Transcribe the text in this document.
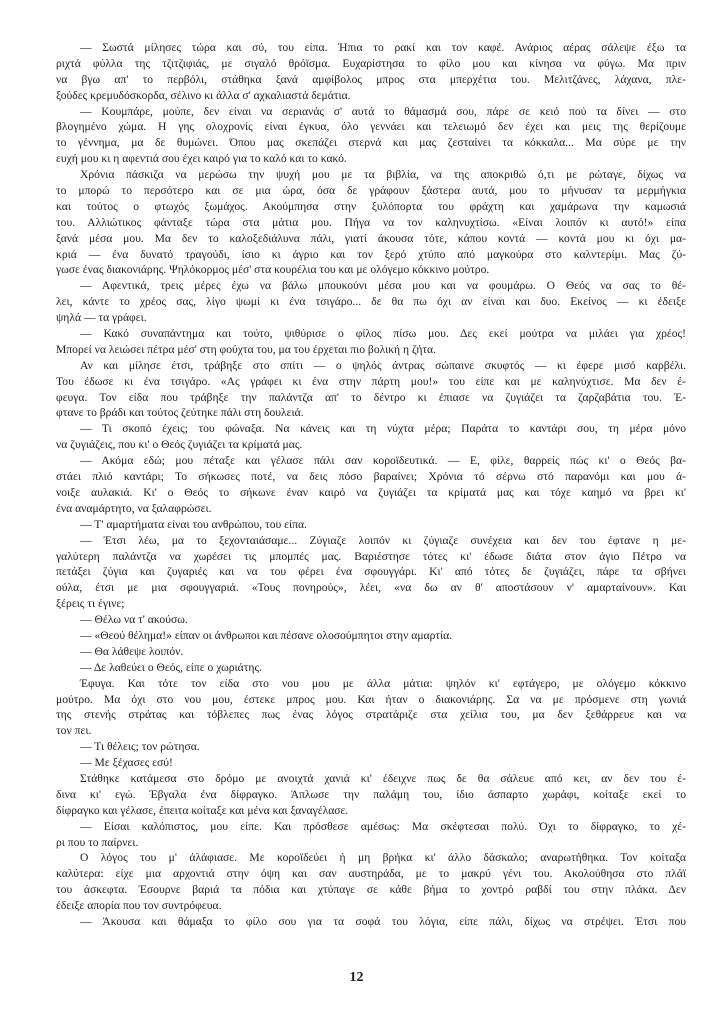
— Σωστά μίλησες τώρα και σύ, του είπα. Ήπια το ρακί και τον καφέ. Ανάριος αέρας σάλεψε έξω τα
ριχτά φύλλα της τζιτζιφιάς, με σιγαλό θρόϊσμα. Ευχαρίστησα το φίλο μου και κίνησα να φύγω. Μα πριν
να βγω απ' το περβόλι, στάθηκα ξανά αμφίβολος μπρος στα μπερχέτια του. Μελιτζάνες, λάχανα, πλε-
ξούδες κρεμυδόσκορδα, σέλινο κι άλλα σ' αχκαλιαστά δεμάτια.
— Κουμπάρε, μούπε, δεν είναι να σεριανάς σ' αυτά το θάμασμά σου, πάρε σε κειό πού τα δίνει — στο
βλογημένο χώμα. Η γης ολοχρονίς είναι έγκυα, όλο γεννάει και τελειωμό δεν έχει και μεις της θερίζουμε
το γέννημα, μα δε θυμώνει. Όπου μας σκεπάζει στερνά και μας ζεσταίνει τα κόκκαλα... Μα σύρε με την
ευχή μου κι η αφεντιά σου έχει καιρό για το καλό και το κακό.
Χρόνια πάσκιζα να μερώσω την ψυχή μου με τα βιβλία, να της αποκριθώ ό,τι με ρώταγε, δίχως να
το μπορώ το περσότερο και σε μια ώρα, όσα δε γράφουν ξάστερα αυτά, μου το μήνυσαν τα μερμήγκια
και τούτος ο φτωχός ξωμάχος. Ακούμπησα στην ξυλόπορτα του φράχτη και χαμάρωνα την καμωσιά
του. Αλλιώτικος φάνταξε τώρα στα μάτια μου. Πήγα να τον καληνυχτίσω. «Είναι λοιπόν κι αυτό!» είπα
ξανά μέσα μου. Μα δεν το καλοξεδιάλυνα πάλι, γιατί άκουσα τότε, κάπου κοντά — κοντά μου κι όχι μα-
κριά — ένα δυνατό τραγούδι, ίσιο κι άγριο και τον ξερό χτύπο από μαγκούρα στο καλντερίμι. Μας ζύ-
γωσε ένας διακονιάρης. Ψηλόκορμος μέσ' στα κουρέλια του και με ολόγεμο κόκκινο μούτρο.
— Αφεντικά, τρεις μέρες έχω να βάλω μπουκούνι μέσα μου και να φουμάρω. Ο Θεός να σας το θέ-
λει, κάντε το χρέος σας, λίγο ψωμί κι ένα τσιγάρο... δε θα πω όχι αν είναι και δυο. Εκείνος — κι έδειξε
ψηλά — τα γράφει.
— Κακό συναπάντημα και τούτο, ψιθύρισε ο φίλος πίσω μου. Δες εκεί μούτρα να μιλάει για χρέος!
Μπορεί να λειώσει πέτρα μέσ' στη φούχτα του, μα του έρχεται πιο βολική η ζήτα.
Αν και μίλησε έτσι, τράβηξε στο σπίτι — ο ψηλός άντρας σώπαινε σκυφτός — κι έφερε μισό καρβέλι.
Του έδωσε κι ένα τσιγάρο. «Ας γράφει κι ένα στην πάρτη μου!» του είπε και με καληνύχτισε. Μα δεν έ-
φευγα. Τον είδα που τράβηξε την παλάντζα απ' το δέντρο κι έπιασε να ζυγιάζει τα ζαρζαβάτια του. Έ-
φτανε το βράδι και τούτος ζεύτηκε πάλι στη δουλειά.
— Τι σκοπό έχεις; του φώναξα. Να κάνεις και τη νύχτα μέρα; Παράτα το καντάρι σου, τη μέρα μόνο
να ζυγιάζεις, που κι' ο Θεός ζυγιάζει τα κρίματά μας.
— Ακόμα εδώ; μου πέταξε και γέλασε πάλι σαν κοροϊδευτικά. — Ε, φίλε, θαρρείς πώς κι' ο Θεός βα-
στάει πλιό καντάρι; Το σήκωσες ποτέ, να δεις πόσο βαραίνει; Χρόνια τό σέρνω στό παρανόμι και μου ά-
νοιξε αυλακιά. Κι' ο Θεός το σήκωνε έναν καιρό να ζυγιάζει τα κρίματά μας και τόχε καημό να βρει κι'
ένα αναμάρτητο, να ξαλαφρώσει.
— Τ' αμαρτήματα είναι του ανθρώπου, του είπα.
— Έτσι λέω, μα το ξεχονταιάσαμε... Ζύγιαζε λοιπόν κι ζύγιαζε συνέχεια και δεν του έφτανε η με-
γαλύτερη παλάντζα να χωρέσει τις μπομπές μας. Βαριέστησε τότες κι' έδωσε διάτα στον άγιο Πέτρο να
πετάξει ζύγια και ζυγαριές και να του φέρει ένα σφουγγάρι. Κι' από τότες δε ζυγιάζει, πάρε τα σβήνει
ούλα, έτσι με μια σφουγγαριά. «Τους πονηρούς», λέει, «να δω αν θ' αποστάσουν ν' αμαρταίνουν». Και
ξέρεις τι έγινε;
— Θέλω να τ' ακούσω.
— «Θεού θέλημα!» είπαν οι άνθρωποι και πέσανε ολοσούμπητοι στην αμαρτία.
— Θα λάθεψε λοιπόν.
— Δε λαθεύει ο Θεός, είπε ο χωριάτης.
Έφυγα. Και τότε τον είδα στο νου μου με άλλα μάτια: ψηλόν κι' εφτάγερο, με ολόγεμο κόκκινο
μούτρο. Μα όχι στο νου μου, έστεκε μπρος μου. Και ήταν ο διακονιάρης. Σα να με πρόσμενε στη γωνιά
της στενής στράτας και τόβλεπες πως ένας λόγος στρατάριζε στα χείλια του, μα δεν ξεθάρρευε και να
τον πει.
— Τι θέλεις; τον ρώτησα.
— Με ξέχασες εσύ!
Στάθηκε κατάμεσα στο δρόμο με ανοιχτά χανιά κι' έδειχνε πως δε θα σάλευε από κει, αν δεν του έ-
δινα κι' εγώ. Έβγαλα ένα δίφραγκο. Άπλωσε την παλάμη του, ίδιο άσπαρτο χωράφι, κοίταξε εκεί το
δίφραγκο και γέλασε, έπειτα κοίταξε και μένα και ξαναγέλασε.
— Είσαι καλόπιστος, μου είπε. Και πρόσθεσε αμέσως: Μα σκέφτεσαι πολύ. Όχι το δίφραγκο, το χέ-
ρι που το παίρνει.
Ο λόγος του μ' άλάφιασε. Με κοροϊδεύει ή μη βρήκα κι' άλλο δάσκαλο; αναρωτήθηκα. Τον κοίταξα
καλύτερα: είχε μια αρχοντιά στην όψη και σαν αυστηράδα, με το μακρύ γένι του. Ακολούθησα στο πλάϊ
του άσκεφτα. Έσουρνε βαριά τα πόδια και χτύπαγε σε κάθε βήμα το χοντρό ραβδί του στην πλάκα. Δεν
έδειξε απορία που τον συντρόφευα.
— Άκουσα και θάμαξα το φίλο σου για τα σοφά του λόγια, είπε πάλι, δίχως να στρέψει. Έτσι που
12
